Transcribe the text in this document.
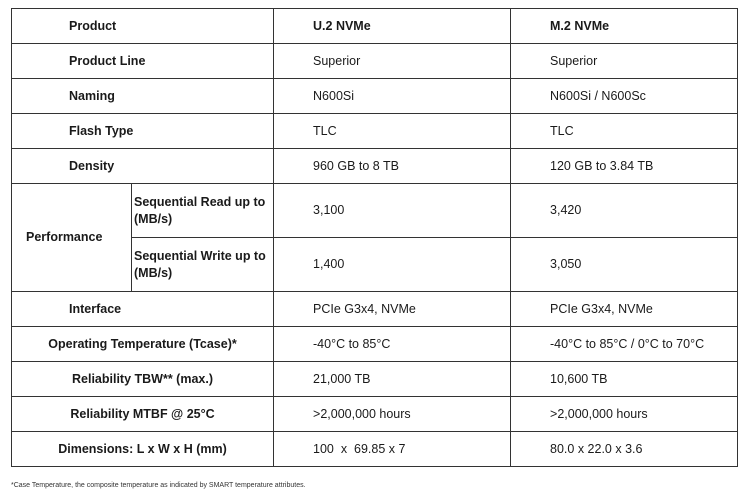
Product		U.2 NVMe	M.2 NVMe
Product Line		Superior	Superior
Naming		N600Si	N600Si / N600Sc
Flash Type		TLC	TLC
Density		960 GB to 8 TB	120 GB to 3.84 TB
Performance	Sequential Read up to (MB/s)	3,100	3,420
	Sequential Write up to (MB/s)	1,400	3,050
Interface		PCIe G3x4, NVMe	PCIe G3x4, NVMe
Operating Temperature (Tcase)*		-40°C to 85°C	-40°C to 85°C / 0°C to 70°C
Reliability TBW** (max.)		21,000 TB	10,600 TB
Reliability MTBF @ 25°C		>2,000,000 hours	>2,000,000 hours
Dimensions: L x W x H (mm)		100  x  69.85 x 7	80.0 x 22.0 x 3.6
*Case Temperature, the composite temperature as indicated by SMART temperature attributes.
